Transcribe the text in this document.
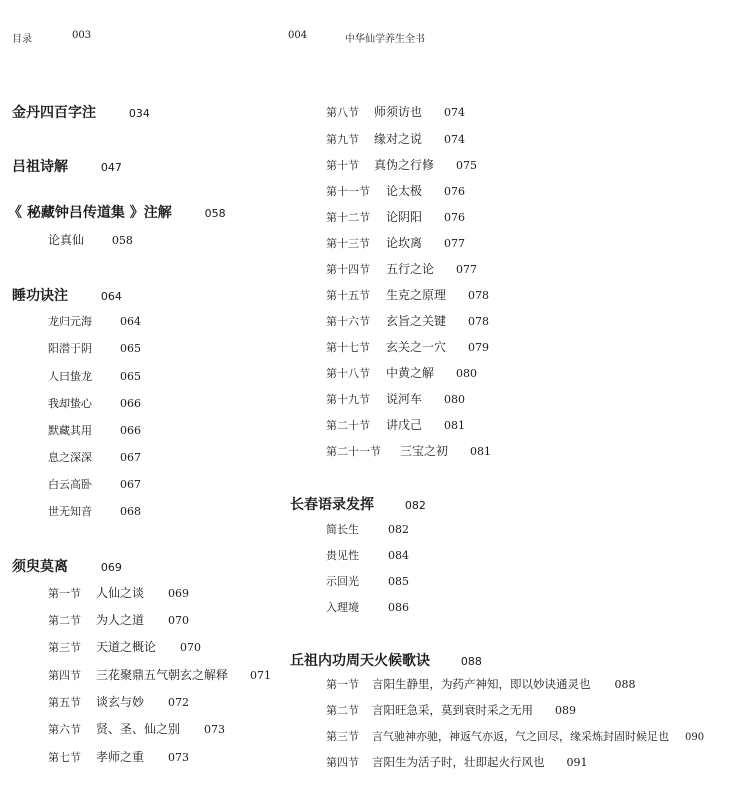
目录	003	004	中华仙学养生全书
金丹四百字注	034
吕祖诗解	047
《 秘藏钟吕传道集 》注解	058
论真仙	058
睡功诀注	064
龙归元海	064
阳潜于阴	065
人曰蛰龙	065
我却蛰心	066
默藏其用	066
息之深深	067
白云高卧	067
世无知音	068
须臾莫离	069
第一节 人仙之谈 069
第二节 为人之道 070
第三节 天道之概论 070
第四节 三花聚鼎五气朝玄之解释 071
第五节 谈玄与妙 072
第六节 贤、圣、仙之别 073
第七节 孝师之重 073
第八节 师须访也 074
第九节 缘对之说 074
第十节 真伪之行修 075
第十一节 论太极 076
第十二节 论阴阳 076
第十三节 论坎离 077
第十四节 五行之论 077
第十五节 生克之原理 078
第十六节 玄旨之关键 078
第十七节 玄关之一穴 079
第十八节 中黄之解 080
第十九节 说河车 080
第二十节 讲戊己 081
第二十一节 三宝之初 081
长春语录发挥	082
简长生	082
贵见性	084
示回光	085
入理境	086
丘祖内功周天火候歌诀	088
第一节 言阳生静里，为药产神知，即以妙诀通灵也 088
第二节 言阳旺急采，莫到衰时采之无用 089
第三节 言气驰神亦驰，神返气亦返，气之回尽，缘采炼封固时候足也 090
第四节 言阳生为活子时，壮即起火行风也 091
